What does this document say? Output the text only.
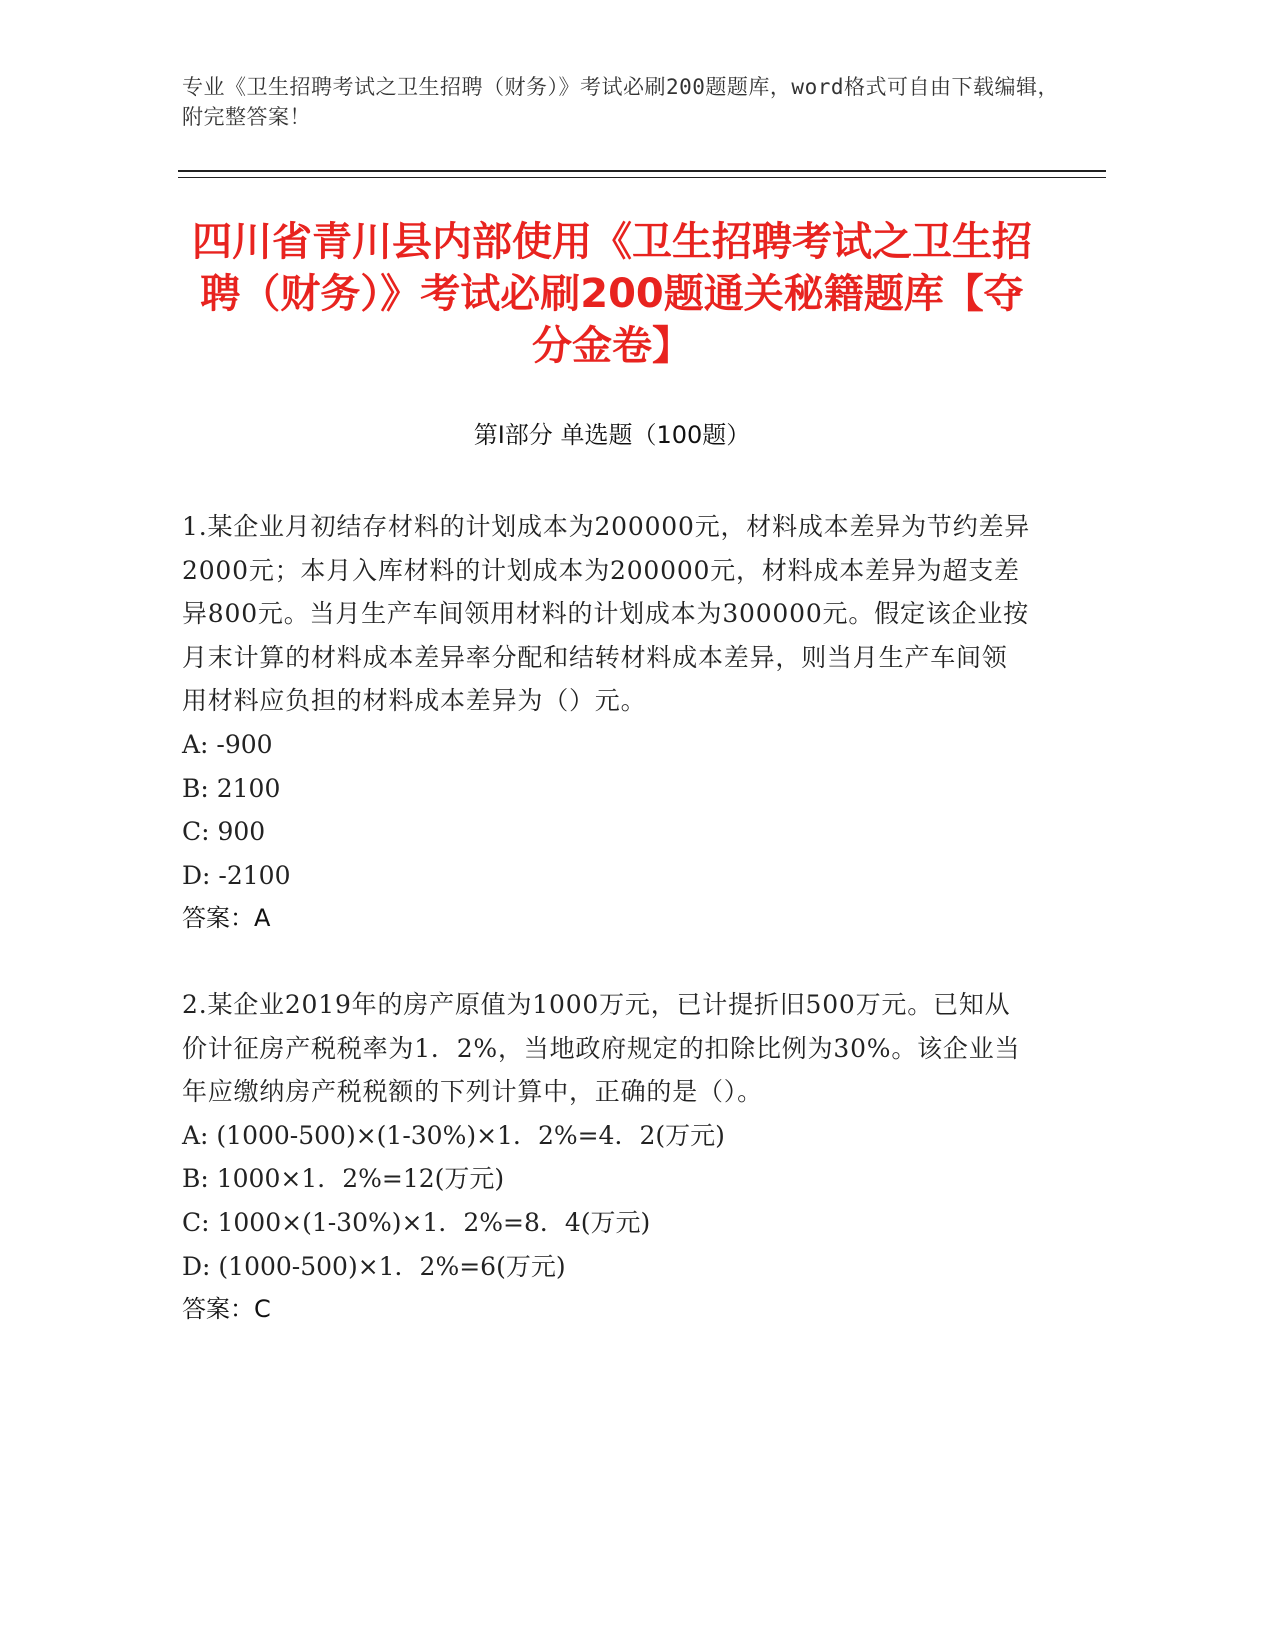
专业《卫生招聘考试之卫生招聘（财务）》考试必刷200题题库，word格式可自由下载编辑，附完整答案！
四川省青川县内部使用《卫生招聘考试之卫生招聘（财务）》考试必刷200题通关秘籍题库【夺分金卷】
第Ⅰ部分 单选题（100题）
1.某企业月初结存材料的计划成本为200000元，材料成本差异为节约差异2000元；本月入库材料的计划成本为200000元，材料成本差异为超支差异800元。当月生产车间领用材料的计划成本为300000元。假定该企业按月末计算的材料成本差异率分配和结转材料成本差异，则当月生产车间领用材料应负担的材料成本差异为（）元。
A: -900
B: 2100
C: 900
D: -2100
答案：A
2.某企业2019年的房产原值为1000万元，已计提折旧500万元。已知从价计征房产税税率为1．2%，当地政府规定的扣除比例为30%。该企业当年应缴纳房产税税额的下列计算中，正确的是（）。
A: (1000-500)×(1-30%)×1．2%=4．2(万元)
B: 1000×1．2%=12(万元)
C: 1000×(1-30%)×1．2%=8．4(万元)
D: (1000-500)×1．2%=6(万元)
答案：C
